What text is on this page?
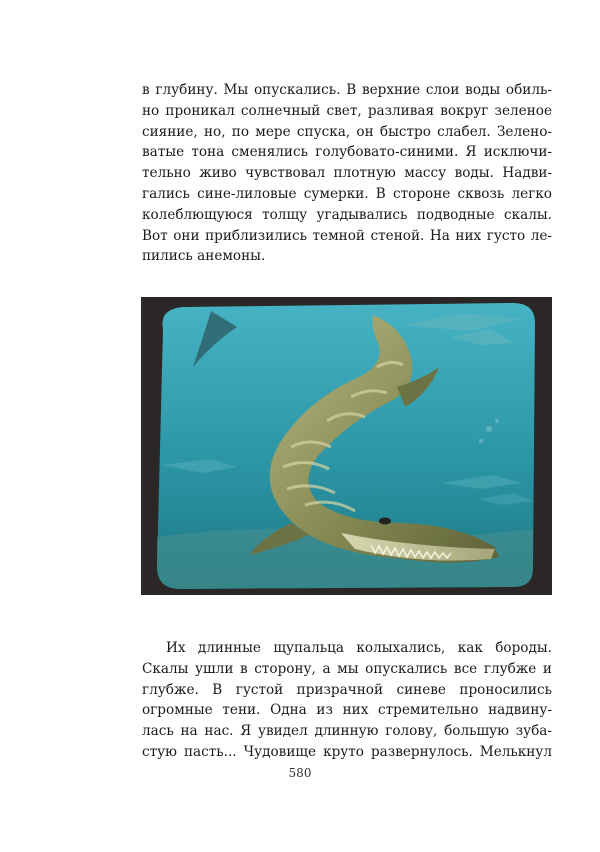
в глубину. Мы опускались. В верхние слои воды обиль-
но проникал солнечный свет, разливая вокруг зеленое
сияние, но, по мере спуска, он быстро слабел. Зелено-
ватые тона сменялись голубовато-синими. Я исключи-
тельно живо чувствовал плотную массу воды. Надви-
гались сине-лиловые сумерки. В стороне сквозь легко
колеблющуюся толщу угадывались подводные скалы.
Вот они приблизились темной стеной. На них густо ле-
пились анемоны.
Их длинные щупальца колыхались, как бороды.
Скалы ушли в сторону, а мы опускались все глубже и
глубже. В густой призрачной синеве проносились
огромные тени. Одна из них стремительно надвину-
лась на нас. Я увидел длинную голову, большую зуба-
стую пасть... Чудовище круто развернулось. Мелькнул
580
